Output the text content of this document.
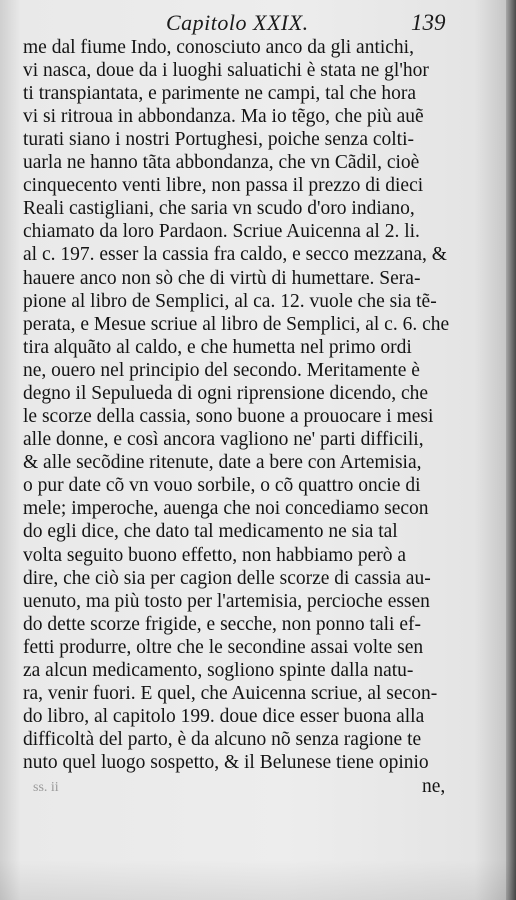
Capitolo XXIX.	139
me dal fiume Indo, conosciuto anco da gli antichi,
vi nasca, doue da i luoghi saluatichi è stata ne gl'hor
ti transpiantata, e parimente ne campi, tal che hora
vi si ritroua in abbondanza. Ma io tẽgo, che più auẽ
turati siano i nostri Portughesi, poiche senza colti-
uarla ne hanno tãta abbondanza, che vn Cãdil, cioè
cinquecento venti libre, non passa il prezzo di dieci
Reali castigliani, che saria vn scudo d'oro indiano,
chiamato da loro Pardaon. Scriue Auicenna al 2. li.
al c. 197. esser la cassia fra caldo, e secco mezzana, &
hauere anco non sò che di virtù di humettare. Sera-
pione al libro de Semplici, al ca. 12. vuole che sia tẽ-
perata, e Mesue scriue al libro de Semplici, al c. 6. che
tira alquãto al caldo, e che humetta nel primo ordi
ne, ouero nel principio del secondo. Meritamente è
degno il Sepulueda di ogni riprensione dicendo, che
le scorze della cassia, sono buone a prouocare i mesi
alle donne, e così ancora vagliono ne' parti difficili,
& alle secõdine ritenute, date a bere con Artemisia,
o pur date cõ vn vouo sorbile, o cõ quattro oncie di
mele; imperoche, auenga che noi concediamo secon
do egli dice, che dato tal medicamento ne sia tal
volta seguito buono effetto, non habbiamo però a
dire, che ciò sia per cagion delle scorze di cassia au-
uenuto, ma più tosto per l'artemisia, percioche essen
do dette scorze frigide, e secche, non ponno tali ef-
fetti produrre, oltre che le secondine assai volte sen
za alcun medicamento, sogliono spinte dalla natu-
ra, venir fuori. E quel, che Auicenna scriue, al secon-
do libro, al capitolo 199. doue dice esser buona alla
difficoltà del parto, è da alcuno nõ senza ragione te
nuto quel luogo sospetto, & il Belunese tiene opinio
ss. ii	ne,
